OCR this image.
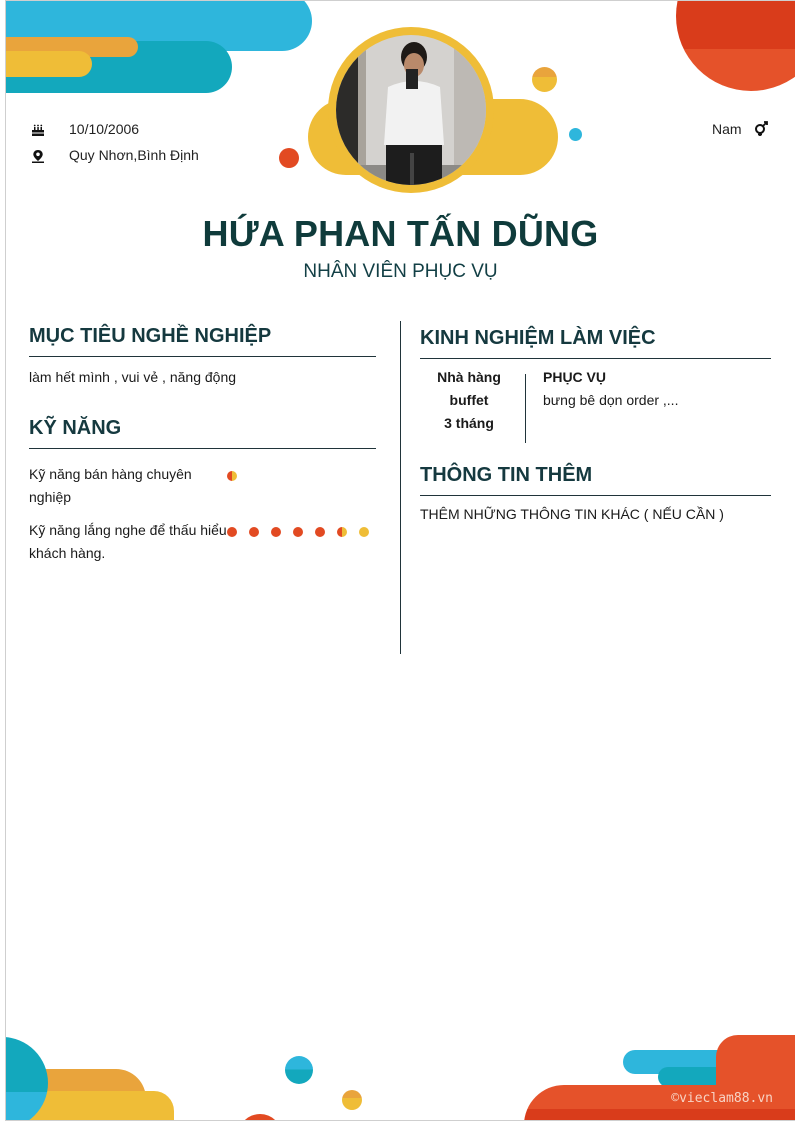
10/10/2006
Quy Nhơn,Bình Định
Nam
HỨA PHAN TẤN DŨNG
NHÂN VIÊN PHỤC VỤ
MỤC TIÊU NGHỀ NGHIỆP
làm hết mình , vui vẻ , năng động
KỸ NĂNG
Kỹ năng bán hàng chuyên
nghiệp
Kỹ năng lắng nghe để thấu hiểu
khách hàng.
KINH NGHIỆM LÀM VIỆC
Nhà hàng
buffet
3 tháng
PHỤC VỤ
bưng bê dọn order ,...
THÔNG TIN THÊM
THÊM NHỮNG THÔNG TIN KHÁC ( NẾU CẦN )
©vieclam88.vn
